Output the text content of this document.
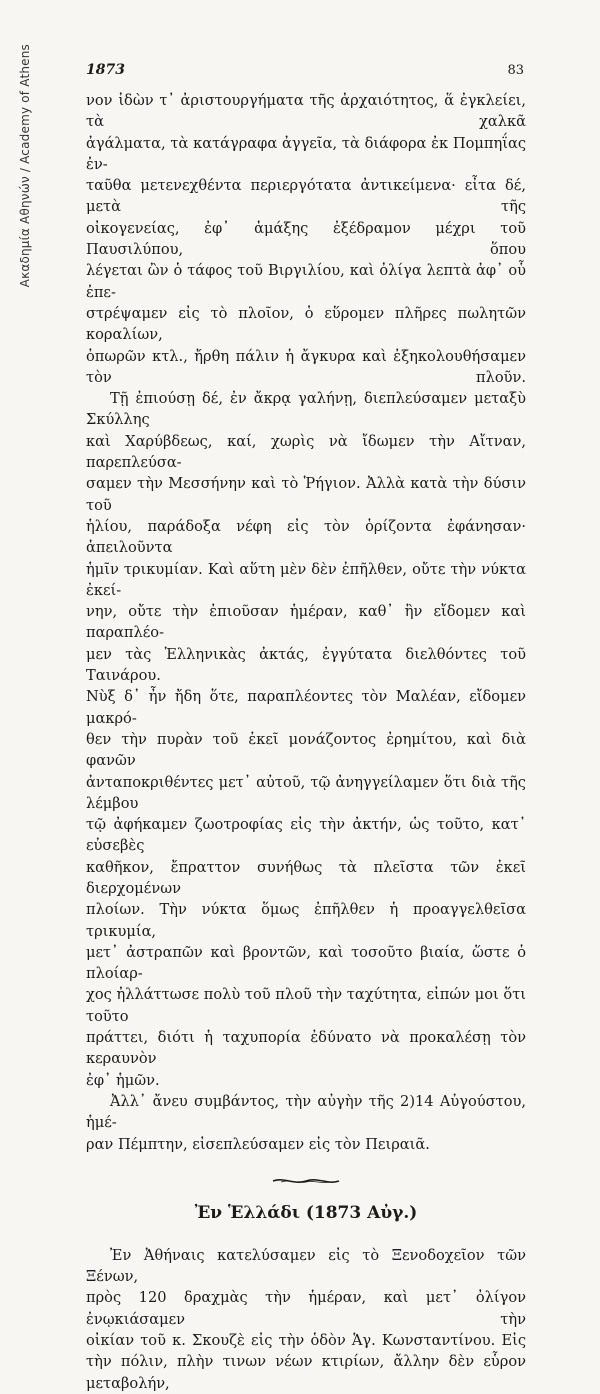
Ακαδημία Αθηνών / Academy of Athens	1873	83

νον ἰδὼν τ᾽ ἀριστουργήματα τῆς ἀρχαιότητος, ἅ ἐγκλείει, τὰ χαλκᾶ

ἀγάλματα, τὰ κατάγραφα ἀγγεῖα, τὰ διάφορα ἐκ Πομπηΐας ἐν-

ταῦθα μετενεχθέντα περιεργότατα ἀντικείμενα· εἶτα δέ, μετὰ τῆς

οἰκογενείας, ἐφ᾽ ἁμάξης ἐξέδραμον μέχρι τοῦ Παυσιλύπου, ὅπου

λέγεται ὢν ὁ τάφος τοῦ Βιργιλίου, καὶ ὀλίγα λεπτὰ ἀφ᾽ οὗ ἐπε-

στρέψαμεν εἰς τὸ πλοῖον, ὁ εὕρομεν πλῆρες πωλητῶν κοραλίων,

ὀπωρῶν κτλ., ἤρθη πάλιν ἡ ἄγκυρα καὶ ἐξηκολουθήσαμεν τὸν πλοῦν.

Τῇ ἐπιούσῃ δέ, ἐν ἄκρᾳ γαλήνῃ, διεπλεύσαμεν μεταξὺ Σκύλλης

καὶ Χαρύβδεως, καί, χωρὶς νὰ ἴδωμεν τὴν Αἴτναν, παρεπλεύσα-

σαμεν τὴν Μεσσήνην καὶ τὸ Ῥήγιον. Ἀλλὰ κατὰ τὴν δύσιν τοῦ

ἡλίου, παράδοξα νέφη εἰς τὸν ὁρίζοντα ἐφάνησαν· ἀπειλοῦντα

ἡμῖν τρικυμίαν. Καὶ αὕτη μὲν δὲν ἐπῆλθεν, οὔτε τὴν νύκτα ἐκεί-

νην, οὔτε τὴν ἐπιοῦσαν ἡμέραν, καθ᾽ ἣν εἴδομεν καὶ παραπλέο-

μεν τὰς Ἑλληνικὰς ἀκτάς, ἐγγύτατα διελθόντες τοῦ Ταινάρου.

Νὺξ δ᾽ ἦν ἤδη ὅτε, παραπλέοντες τὸν Μαλέαν, εἴδομεν μακρό-

θεν τὴν πυρὰν τοῦ ἐκεῖ μονάζοντος ἐρημίτου, καὶ διὰ φανῶν

ἀνταποκριθέντες μετ᾽ αὐτοῦ, τῷ ἀνηγγείλαμεν ὅτι διὰ τῆς λέμβου

τῷ ἀφήκαμεν ζωοτροφίας εἰς τὴν ἀκτήν, ὡς τοῦτο, κατ᾽ εὐσεβὲς

καθῆκον, ἔπραττον συνήθως τὰ πλεῖστα τῶν ἐκεῖ διερχομένων

πλοίων. Τὴν νύκτα ὅμως ἐπῆλθεν ἡ προαγγελθεῖσα τρικυμία,

μετ᾽ ἀστραπῶν καὶ βροντῶν, καὶ τοσοῦτο βιαία, ὥστε ὁ πλοίαρ-

χος ἠλλάττωσε πολὺ τοῦ πλοῦ τὴν ταχύτητα, εἰπών μοι ὅτι τοῦτο

πράττει, διότι ἡ ταχυπορία ἐδύνατο νὰ προκαλέσῃ τὸν κεραυνὸν

ἐφ᾽ ἡμῶν.

Ἀλλ᾽ ἄνευ συμβάντος, τὴν αὐγὴν τῆς 2)14 Αὐγούστου, ἡμέ-

ραν Πέμπτην, εἰσεπλεύσαμεν εἰς τὸν Πειραιᾶ.

Ἐν Ἑλλάδι (1873 Αὐγ.)

Ἐν Ἀθήναις κατελύσαμεν εἰς τὸ Ξενοδοχεῖον τῶν Ξένων,

πρὸς 120 δραχμὰς τὴν ἡμέραν, καὶ μετ᾽ ὀλίγον ἐνῳκιάσαμεν τὴν

οἰκίαν τοῦ κ. Σκουζὲ εἰς τὴν ὁδὸν Ἁγ. Κωνσταντίνου. Εἰς

τὴν πόλιν, πλὴν τινων νέων κτιρίων, ἄλλην δὲν εὗρον μεταβολήν,
